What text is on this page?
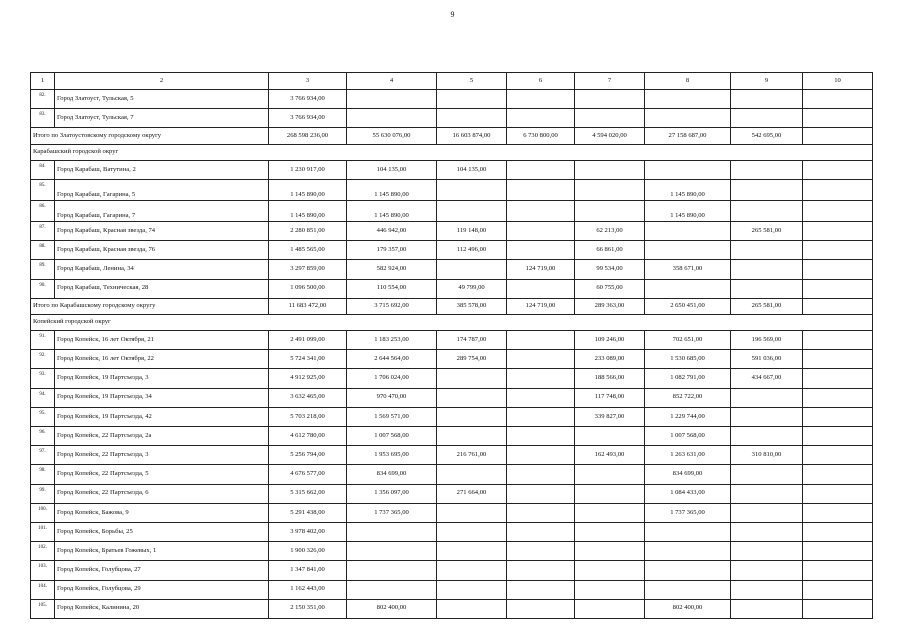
9
1	2	3	4	5	6	7	8	9	10
82.	Город Златоуст, Тульская, 5	3 766 934,00							
83.	Город Златоуст, Тульская, 7	3 766 934,00							
Итого по Златоустовскому городскому округу		268 598 236,00	55 630 076,00	16 603 874,00	6 730 800,00	4 594 020,00	27 158 687,00	542 695,00	
Карабашский городской округ									
84.	Город Карабаш, Ватутина, 2	1 230 917,00	104 135,00	104 135,00					
85.	Город Карабаш, Гагарина, 5	1 145 890,00	1 145 890,00				1 145 890,00		
86.	Город Карабаш, Гагарина, 7	1 145 890,00	1 145 890,00				1 145 890,00		
87.	Город Карабаш, Красная звезда, 74	2 280 851,00	446 942,00	119 148,00		62 213,00		265 581,00	
88.	Город Карабаш, Красная звезда, 76	1 485 565,00	179 357,00	112 496,00		66 861,00			
89.	Город Карабаш, Ленина, 34	3 297 859,00	582 924,00		124 719,00	99 534,00	358 671,00		
90.	Город Карабаш, Техническая, 28	1 096 500,00	110 554,00	49 799,00		60 755,00			
Итого по Карабашскому городскому округу		11 683 472,00	3 715 692,00	385 578,00	124 719,00	289 363,00	2 650 451,00	265 581,00	
Копейский городской округ									
91.	Город Копейск, 16 лет Октября, 21	2 491 099,00	1 183 253,00	174 787,00		109 246,00	702 651,00	196 569,00	
92.	Город Копейск, 16 лет Октября, 22	5 724 341,00	2 644 564,00	289 754,00		233 089,00	1 530 685,00	591 036,00	
93.	Город Копейск, 19 Партсъезда, 3	4 912 925,00	1 706 024,00			188 566,00	1 082 791,00	434 667,00	
94.	Город Копейск, 19 Партсъезда, 34	3 632 465,00	970 470,00			117 748,00	852 722,00		
95.	Город Копейск, 19 Партсъезда, 42	5 703 218,00	1 569 571,00			339 827,00	1 229 744,00		
96.	Город Копейск, 22 Партсъезда, 2а	4 612 780,00	1 007 568,00				1 007 568,00		
97.	Город Копейск, 22 Партсъезда, 3	5 256 794,00	1 953 695,00	216 761,00		162 493,00	1 263 631,00	310 810,00	
98.	Город Копейск, 22 Партсъезда, 5	4 676 577,00	834 699,00				834 699,00		
99.	Город Копейск, 22 Партсъезда, 6	5 315 662,00	1 356 097,00	271 664,00			1 084 433,00		
100.	Город Копейск, Бажова, 9	5 291 438,00	1 737 365,00				1 737 365,00		
101.	Город Копейск, Борьбы, 25	3 978 402,00							
102.	Город Копейск, Братьев Гожевых, 1	1 900 326,00							
103.	Город Копейск, Голубцова, 27	1 347 841,00							
104.	Город Копейск, Голубцова, 29	1 162 443,00							
105.	Город Копейск, Калинина, 20	2 150 351,00	802 400,00				802 400,00		
